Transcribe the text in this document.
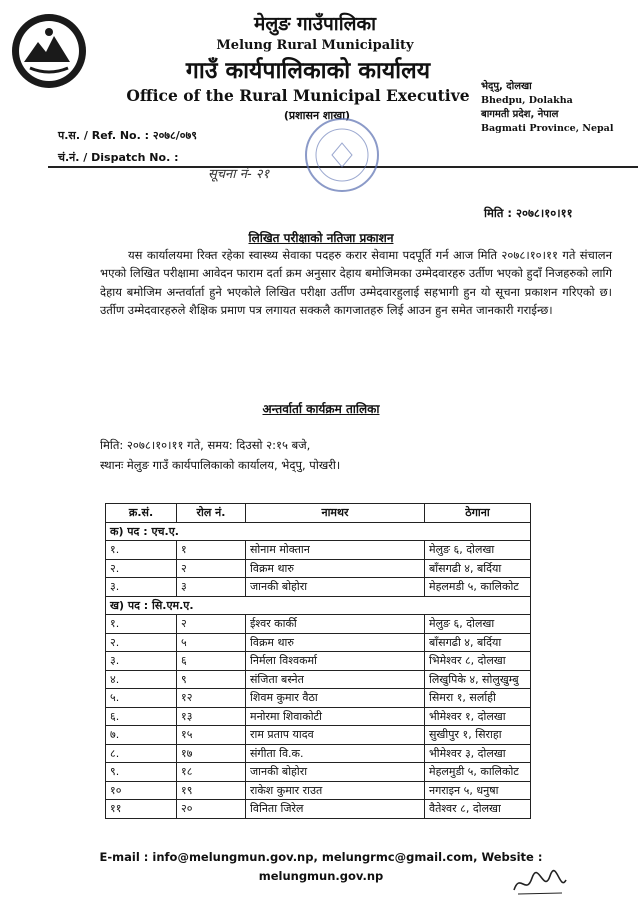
मेलुङ गाउँपालिका
Melung Rural Municipality
गाउँ कार्यपालिकाको कार्यालय
Office of the Rural Municipal Executive
(प्रशासन शाखा)
भेद्पु, दोलखा
Bhedpu, Dolakha
बागमती प्रदेश, नेपाल
Bagmati Province, Nepal
प.स. / Ref. No. : २०७८/०७९
चं.नं. / Dispatch No. :
सूचना नं- २१
मिति : २०७८।१०।११
लिखित परीक्षाको नतिजा प्रकाशन
यस कार्यालयमा रिक्त रहेका स्वास्थ्य सेवाका पदहरु करार सेवामा पदपूर्ति गर्न आज मिति २०७८।१०।११ गते संचालन भएको लिखित परीक्षामा आवेदन फाराम दर्ता क्रम अनुसार देहाय बमोजिमका उम्मेदवारहरु उर्तीण भएको हुदाँ निजहरुको लागि देहाय बमोजिम अन्तर्वार्ता हुने भएकोले लिखित परीक्षा उर्तीण उम्मेदवारहुलाई सहभागी हुन यो सूचना प्रकाशन गरिएको छ। उर्तीण उम्मेदवारहरुले शैक्षिक प्रमाण पत्र लगायत सक्कलै कागजातहरु लिई आउन हुन समेत जानकारी गराईन्छ।
अन्तर्वार्ता कार्यक्रम तालिका
मिति: २०७८।१०।११ गते, समय: दिउसो २:१५ बजे,
स्थानः मेलुङ गाउँ कार्यपालिकाको कार्यालय, भेद्पु, पोखरी।
क्र.सं.	रोल नं.	नामथर	ठेगाना
क) पद : एच.ए.			
१.	१	सोनाम मोक्तान	मेलुङ ६, दोलखा
२.	२	विक्रम थारु	बाँसगढी ४, बर्दिया
३.	३	जानकी बोहोरा	मेहलमडी ५, कालिकोट
ख) पद : सि.एम.ए.			
१.	२	ईश्वर कार्की	मेलुङ ६, दोलखा
२.	५	विक्रम थारु	बाँसगढी ४, बर्दिया
३.	६	निर्मला विश्वकर्मा	भिमेश्वर ८, दोलखा
४.	९	संजिता बस्नेत	लिखुपिके ४, सोलुखुम्बु
५.	१२	शिवम कुमार वैठा	सिमरा १, सर्लाही
६.	१३	मनोरमा शिवाकोटी	भीमेश्वर १, दोलखा
७.	१५	राम प्रताप यादव	सुखीपुर १, सिराहा
८.	१७	संगीता वि.क.	भीमेश्वर ३, दोलखा
९.	१८	जानकी बोहोरा	मेहलमुडी ५, कालिकोट
१०	१९	राकेश कुमार राउत	नगराइन ५, धनुषा
११	२०	विनिता जिरेल	वैतेश्वर ८, दोलखा
E-mail : info@melungmun.gov.np, melungrmc@gmail.com, Website :
melungmun.gov.np
